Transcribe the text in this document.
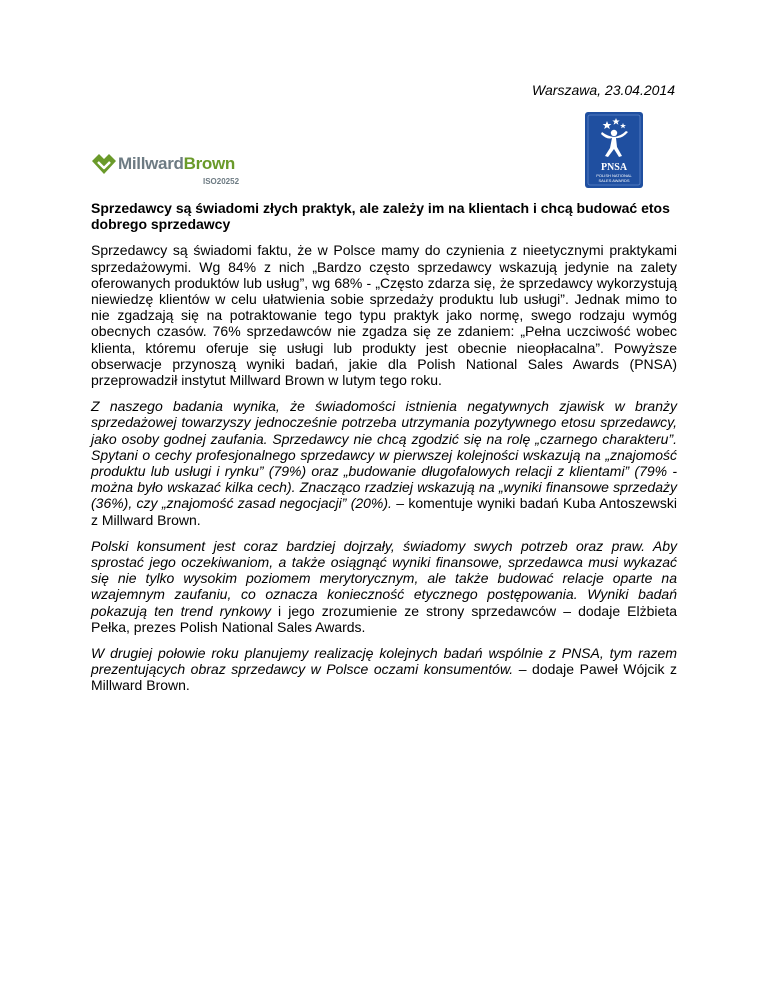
Warszawa, 23.04.2014
PNSA
POLISH NATIONAL
SALES AWARDS
MillwardBrown
ISO20252

Sprzedawcy są świadomi złych praktyk, ale zależy im na klientach i chcą budować etos dobrego sprzedawcy

Sprzedawcy są świadomi faktu, że w Polsce mamy do czynienia z nieetycznymi praktykami sprzedażowymi. Wg 84% z nich „Bardzo często sprzedawcy wskazują jedynie na zalety oferowanych produktów lub usług”, wg 68% - „Często zdarza się, że sprzedawcy wykorzystują niewiedzę klientów w celu ułatwienia sobie sprzedaży produktu lub usługi”. Jednak mimo to nie zgadzają się na potraktowanie tego typu praktyk jako normę, swego rodzaju wymóg obecnych czasów. 76% sprzedawców nie zgadza się ze zdaniem: „Pełna uczciwość wobec klienta, któremu oferuje się usługi lub produkty jest obecnie nieopłacalna”. Powyższe obserwacje przynoszą wyniki badań, jakie dla Polish National Sales Awards (PNSA) przeprowadził instytut Millward Brown w lutym tego roku.

Z naszego badania wynika, że świadomości istnienia negatywnych zjawisk w branży sprzedażowej towarzyszy jednocześnie potrzeba utrzymania pozytywnego etosu sprzedawcy, jako osoby godnej zaufania. Sprzedawcy nie chcą zgodzić się na rolę „czarnego charakteru”. Spytani o cechy profesjonalnego sprzedawcy w pierwszej kolejności wskazują na „znajomość produktu lub usługi i rynku” (79%) oraz „budowanie długofalowych relacji z klientami” (79% - można było wskazać kilka cech). Znacząco rzadziej wskazują na „wyniki finansowe sprzedaży (36%), czy „znajomość zasad negocjacji” (20%). – komentuje wyniki badań Kuba Antoszewski z Millward Brown.

Polski konsument jest coraz bardziej dojrzały, świadomy swych potrzeb oraz praw. Aby sprostać jego oczekiwaniom, a także osiągnąć wyniki finansowe, sprzedawca musi wykazać się nie tylko wysokim poziomem merytorycznym, ale także budować relacje oparte na wzajemnym zaufaniu, co oznacza konieczność etycznego postępowania. Wyniki badań pokazują ten trend rynkowy i jego zrozumienie ze strony sprzedawców – dodaje Elżbieta Pełka, prezes Polish National Sales Awards.

W drugiej połowie roku planujemy realizację kolejnych badań wspólnie z PNSA, tym razem prezentujących obraz sprzedawcy w Polsce oczami konsumentów. – dodaje Paweł Wójcik z Millward Brown.
